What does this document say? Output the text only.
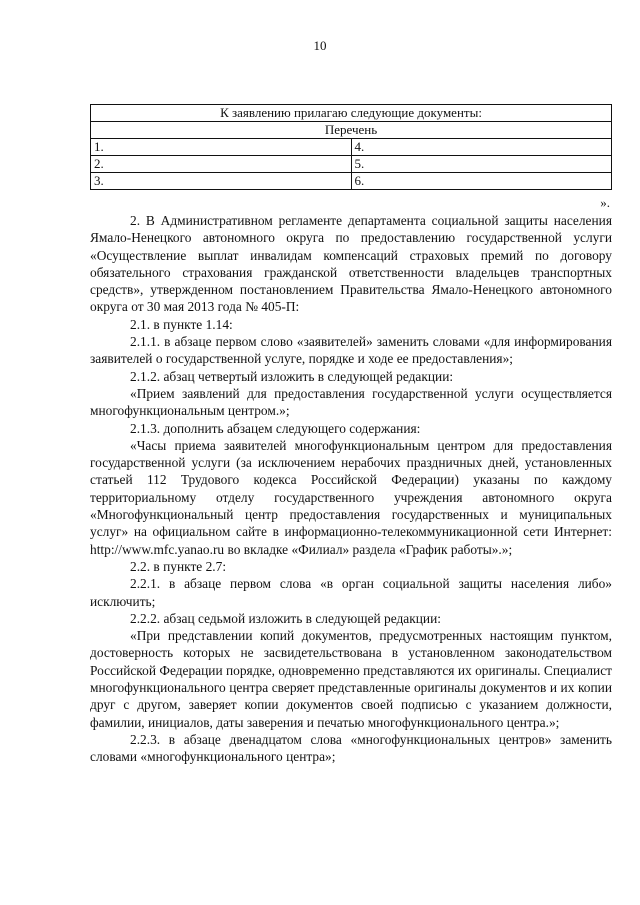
10
К заявлению прилагаю следующие документы:	
Перечень	
1.	4.
2.	5.
3.	6.
».

2. В Административном регламенте департамента социальной защиты населения Ямало-Ненецкого автономного округа по предоставлению государственной услуги «Осуществление выплат инвалидам компенсаций страховых премий по договору обязательного страхования гражданской ответственности владельцев транспортных средств», утвержденном постановлением Правительства Ямало-Ненецкого автономного округа от 30 мая 2013 года № 405-П:

2.1. в пункте 1.14:

2.1.1. в абзаце первом слово «заявителей» заменить словами «для информирования заявителей о государственной услуге, порядке и ходе ее предоставления»;

2.1.2. абзац четвертый изложить в следующей редакции:

«Прием заявлений для предоставления государственной услуги осуществляется многофункциональным центром.»;

2.1.3. дополнить абзацем следующего содержания:

«Часы приема заявителей многофункциональным центром для предоставления государственной услуги (за исключением нерабочих праздничных дней, установленных статьей 112 Трудового кодекса Российской Федерации) указаны по каждому территориальному отделу государственного учреждения автономного округа «Многофункциональный центр предоставления государственных и муниципальных услуг» на официальном сайте в информационно-телекоммуникационной сети Интернет: http://www.mfc.yanao.ru во вкладке «Филиал» раздела «График работы».»;

2.2. в пункте 2.7:

2.2.1. в абзаце первом слова «в орган социальной защиты населения либо» исключить;

2.2.2. абзац седьмой изложить в следующей редакции:

«При представлении копий документов, предусмотренных настоящим пунктом, достоверность которых не засвидетельствована в установленном законодательством Российской Федерации порядке, одновременно представляются их оригиналы. Специалист многофункционального центра сверяет представленные оригиналы документов и их копии друг с другом, заверяет копии документов своей подписью с указанием должности, фамилии, инициалов, даты заверения и печатью многофункционального центра.»;

2.2.3. в абзаце двенадцатом слова «многофункциональных центров» заменить словами «многофункционального центра»;
